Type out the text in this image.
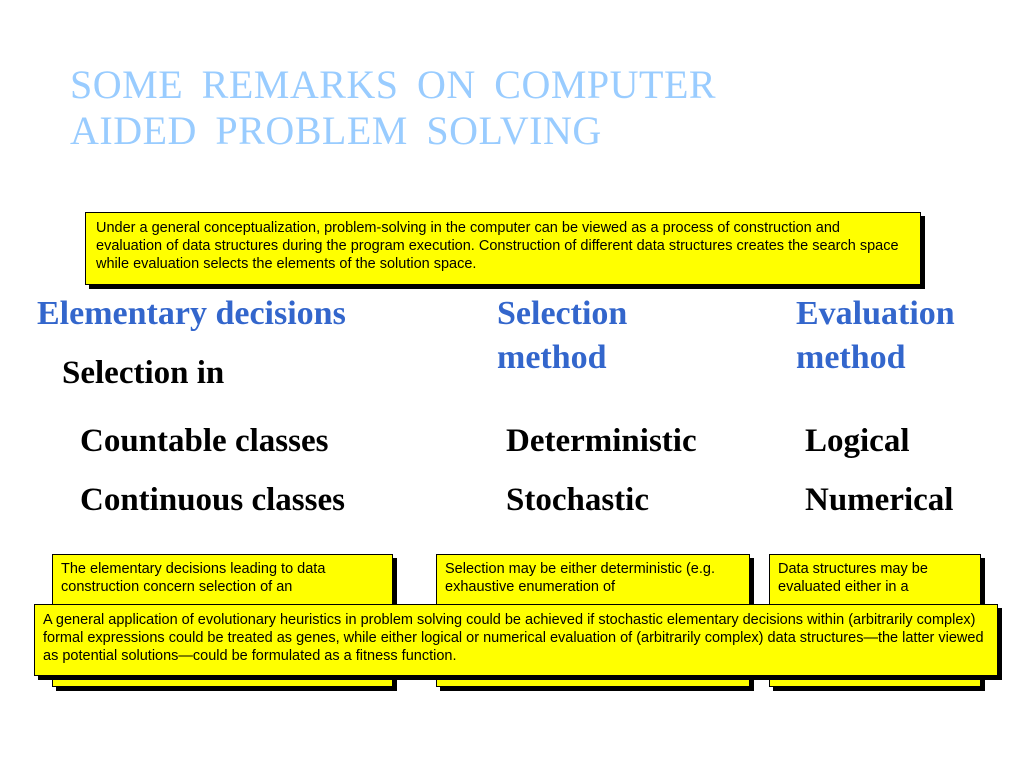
SOME REMARKS ON COMPUTER
AIDED PROBLEM SOLVING
Under a general conceptualization, problem-solving in the computer can be viewed as a process of construction and evaluation of data structures during the program execution. Construction of different data structures creates the search space while evaluation selects the elements of the solution space.
Elementary decisions
Selection in
Selection
method
Evaluation
method
Countable classes
Continuous classes
Deterministic
Stochastic
Logical
Numerical
The elementary decisions leading to data construction concern selection of an
Selection may be either deterministic (e.g. exhaustive enumeration of
Data structures may be evaluated either in a
A general application of evolutionary heuristics in problem solving could be achieved if stochastic elementary decisions within (arbitrarily complex) formal expressions could be treated as genes, while either logical or numerical evaluation of (arbitrarily complex) data structures—the latter viewed as potential solutions—could be formulated as a fitness function.
